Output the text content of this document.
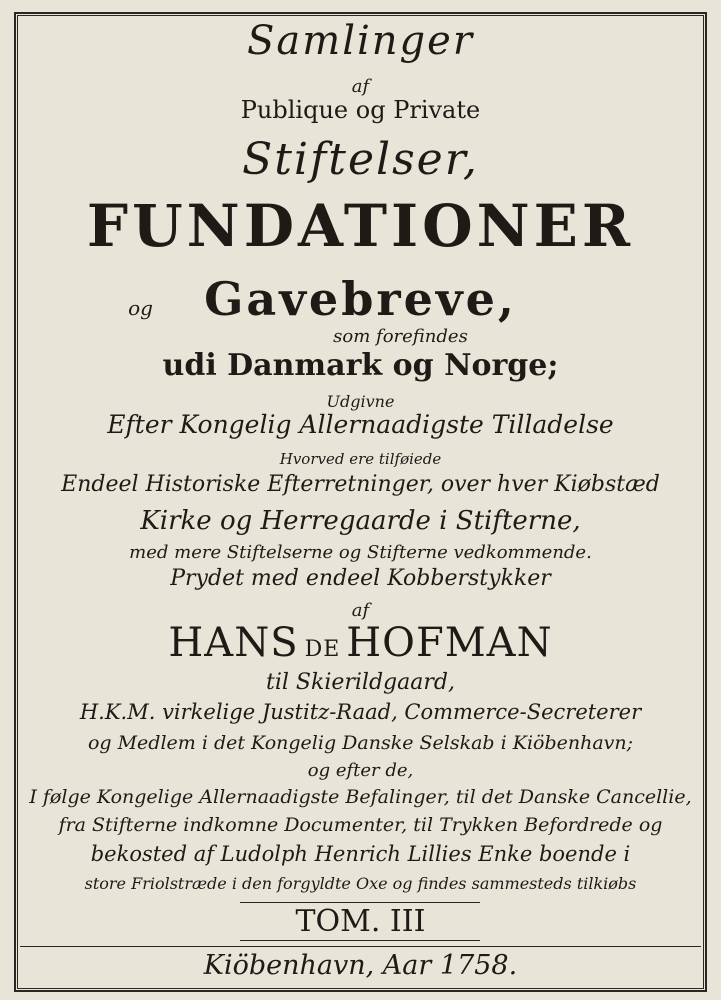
Samlinger
af
Publique og Private
Stiftelser,
FUNDATIONER
og	Gavebreve,
som forefindes
udi Danmark og Norge;
Udgivne
Efter Kongelig Allernaadigste Tilladelse
Hvorved ere tilføiede
Endeel Historiske Efterretninger, over hver Kiøbstæd
Kirke og Herregaarde i Stifterne,
med mere Stiftelserne og Stifterne vedkommende.
Prydet med endeel Kobberstykker
af
HANS DE HOFMAN
til Skierildgaard,
H.K.M. virkelige Justitz-Raad, Commerce-Secreterer
og Medlem i det Kongelig Danske Selskab i Kiöbenhavn;
og efter de,
I følge Kongelige Allernaadigste Befalinger, til det Danske Cancellie,
fra Stifterne indkomne Documenter, til Trykken Befordrede og
bekosted af Ludolph Henrich Lillies Enke boende i
store Friolstræde i den forgyldte Oxe og findes sammesteds tilkiøbs
TOM. III
Kiöbenhavn, Aar 1758.
